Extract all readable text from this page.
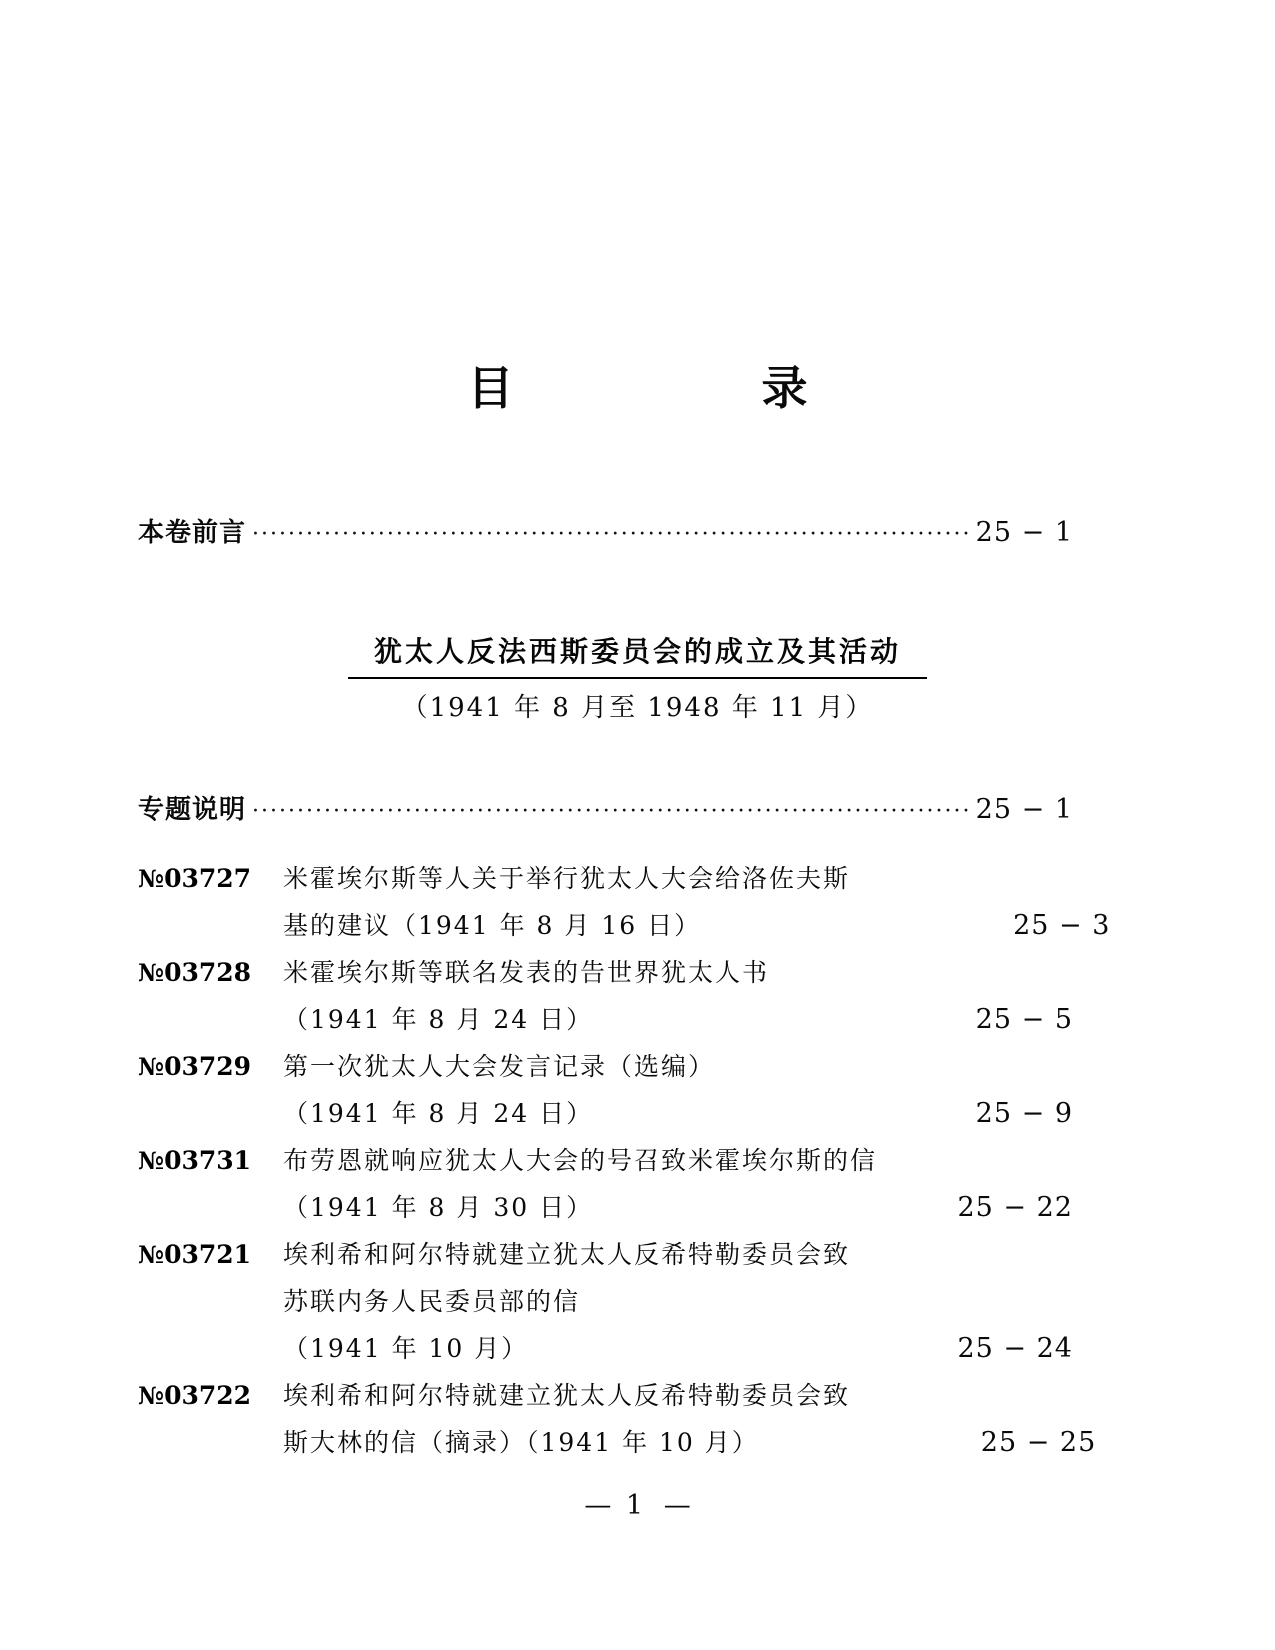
目　　录
本卷前言 ·····	25 − 1
犹太人反法西斯委员会的成立及其活动
（1941 年 8 月至 1948 年 11 月）
专题说明 ·····	25 − 1
№03727	米霍埃尔斯等人关于举行犹太人大会给洛佐夫斯
基的建议（1941 年 8 月 16 日） ·····	25 − 3
№03728	米霍埃尔斯等联名发表的告世界犹太人书
（1941 年 8 月 24 日） ·····	25 − 5
№03729	第一次犹太人大会发言记录（选编）
（1941 年 8 月 24 日） ·····	25 − 9
№03731	布劳恩就响应犹太人大会的号召致米霍埃尔斯的信
（1941 年 8 月 30 日） ·····	25 − 22
№03721	埃利希和阿尔特就建立犹太人反希特勒委员会致
苏联内务人民委员部的信
（1941 年 10 月） ·····	25 − 24
№03722	埃利希和阿尔特就建立犹太人反希特勒委员会致
斯大林的信（摘录）（1941 年 10 月） ·····	25 − 25
— 1 —
